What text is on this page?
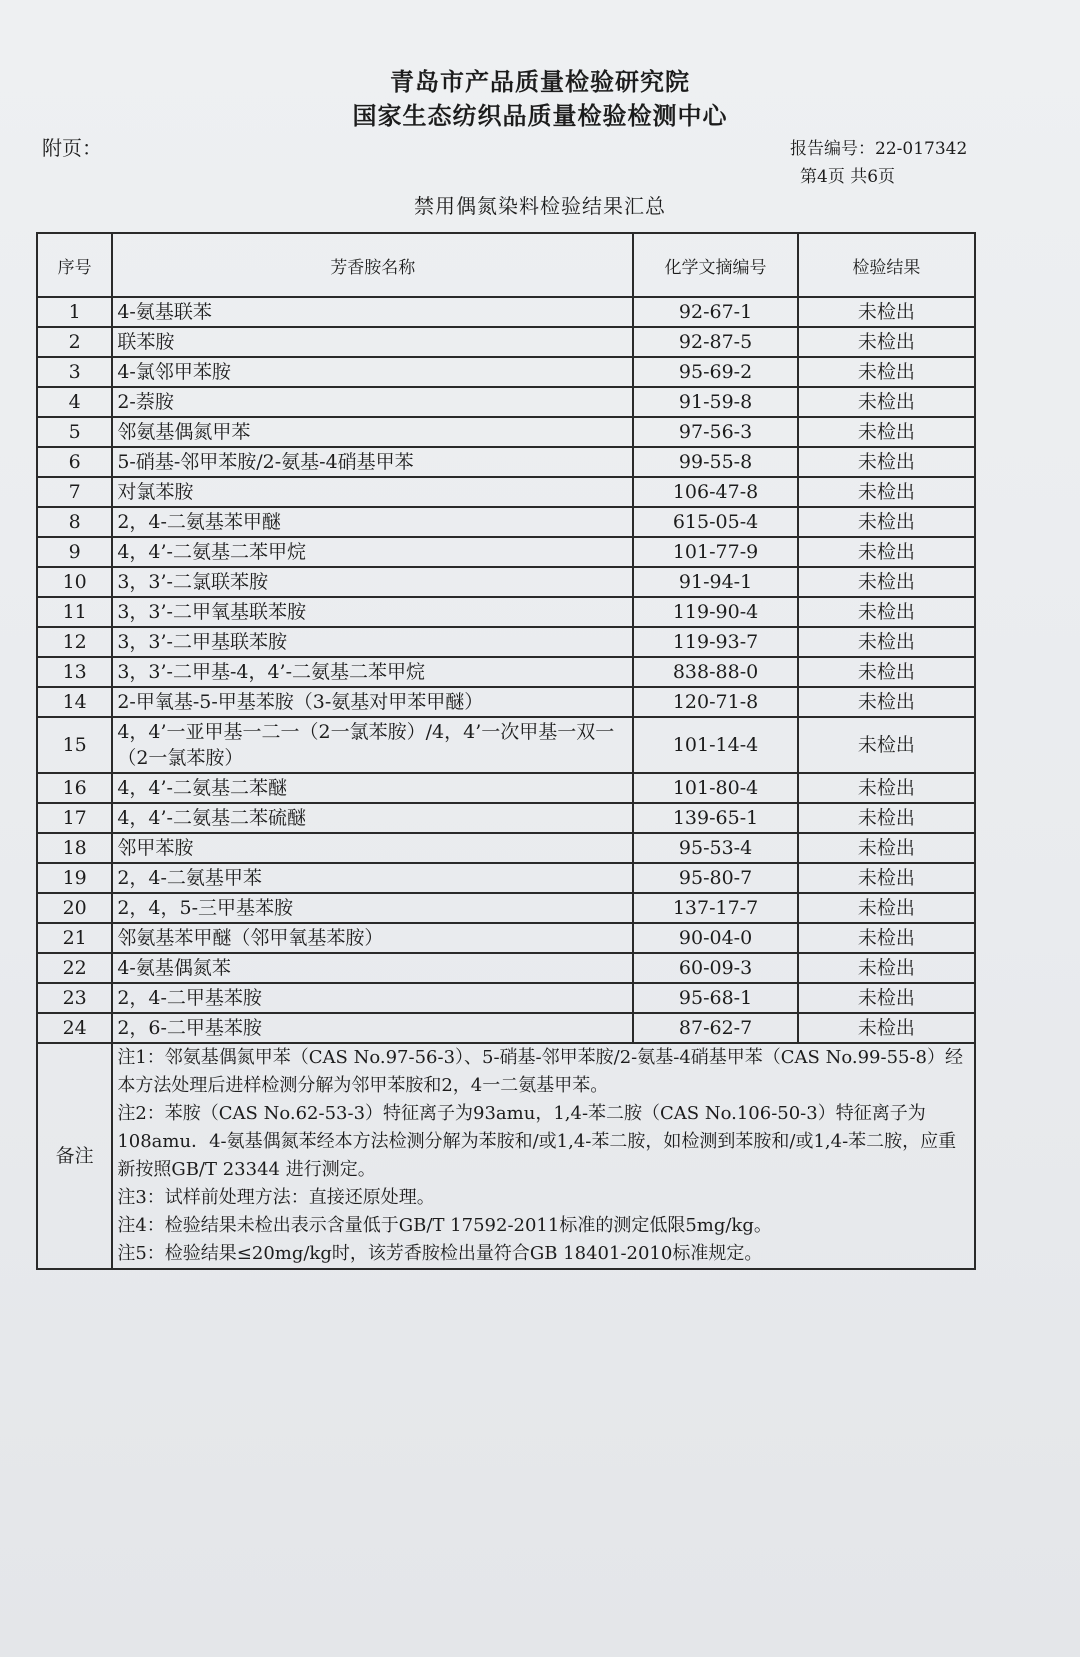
青岛市产品质量检验研究院
国家生态纺织品质量检验检测中心
附页：	报告编号：22-017342
第4页 共6页
禁用偶氮染料检验结果汇总
序号	芳香胺名称	化学文摘编号	检验结果
1	4-氨基联苯	92-67-1	未检出
2	联苯胺	92-87-5	未检出
3	4-氯邻甲苯胺	95-69-2	未检出
4	2-萘胺	91-59-8	未检出
5	邻氨基偶氮甲苯	97-56-3	未检出
6	5-硝基-邻甲苯胺/2-氨基-4硝基甲苯	99-55-8	未检出
7	对氯苯胺	106-47-8	未检出
8	2，4-二氨基苯甲醚	615-05-4	未检出
9	4，4’-二氨基二苯甲烷	101-77-9	未检出
10	3，3’-二氯联苯胺	91-94-1	未检出
11	3，3’-二甲氧基联苯胺	119-90-4	未检出
12	3，3’-二甲基联苯胺	119-93-7	未检出
13	3，3’-二甲基-4，4’-二氨基二苯甲烷	838-88-0	未检出
14	2-甲氧基-5-甲基苯胺（3-氨基对甲苯甲醚）	120-71-8	未检出
15	4，4’一亚甲基一二一（2一氯苯胺）/4，4’一次甲基一双一（2一氯苯胺）	101-14-4	未检出
16	4，4’-二氨基二苯醚	101-80-4	未检出
17	4，4’-二氨基二苯硫醚	139-65-1	未检出
18	邻甲苯胺	95-53-4	未检出
19	2，4-二氨基甲苯	95-80-7	未检出
20	2，4，5-三甲基苯胺	137-17-7	未检出
21	邻氨基苯甲醚（邻甲氧基苯胺）	90-04-0	未检出
22	4-氨基偶氮苯	60-09-3	未检出
23	2，4-二甲基苯胺	95-68-1	未检出
24	2，6-二甲基苯胺	87-62-7	未检出
备注	注1：邻氨基偶氮甲苯（CAS No.97-56-3）、5-硝基-邻甲苯胺/2-氨基-4硝基甲苯（CAS No.99-55-8）经本方法处理后进样检测分解为邻甲苯胺和2，4一二氨基甲苯。

注2：苯胺（CAS No.62-53-3）特征离子为93amu，1,4-苯二胺（CAS No.106-50-3）特征离子为108amu．4-氨基偶氮苯经本方法检测分解为苯胺和/或1,4-苯二胺，如检测到苯胺和/或1,4-苯二胺，应重新按照GB/T 23344 进行测定。

注3：试样前处理方法：直接还原处理。

注4：检验结果未检出表示含量低于GB/T 17592-2011标准的测定低限5mg/kg。

注5：检验结果≤20mg/kg时，该芳香胺检出量符合GB 18401-2010标准规定。		
